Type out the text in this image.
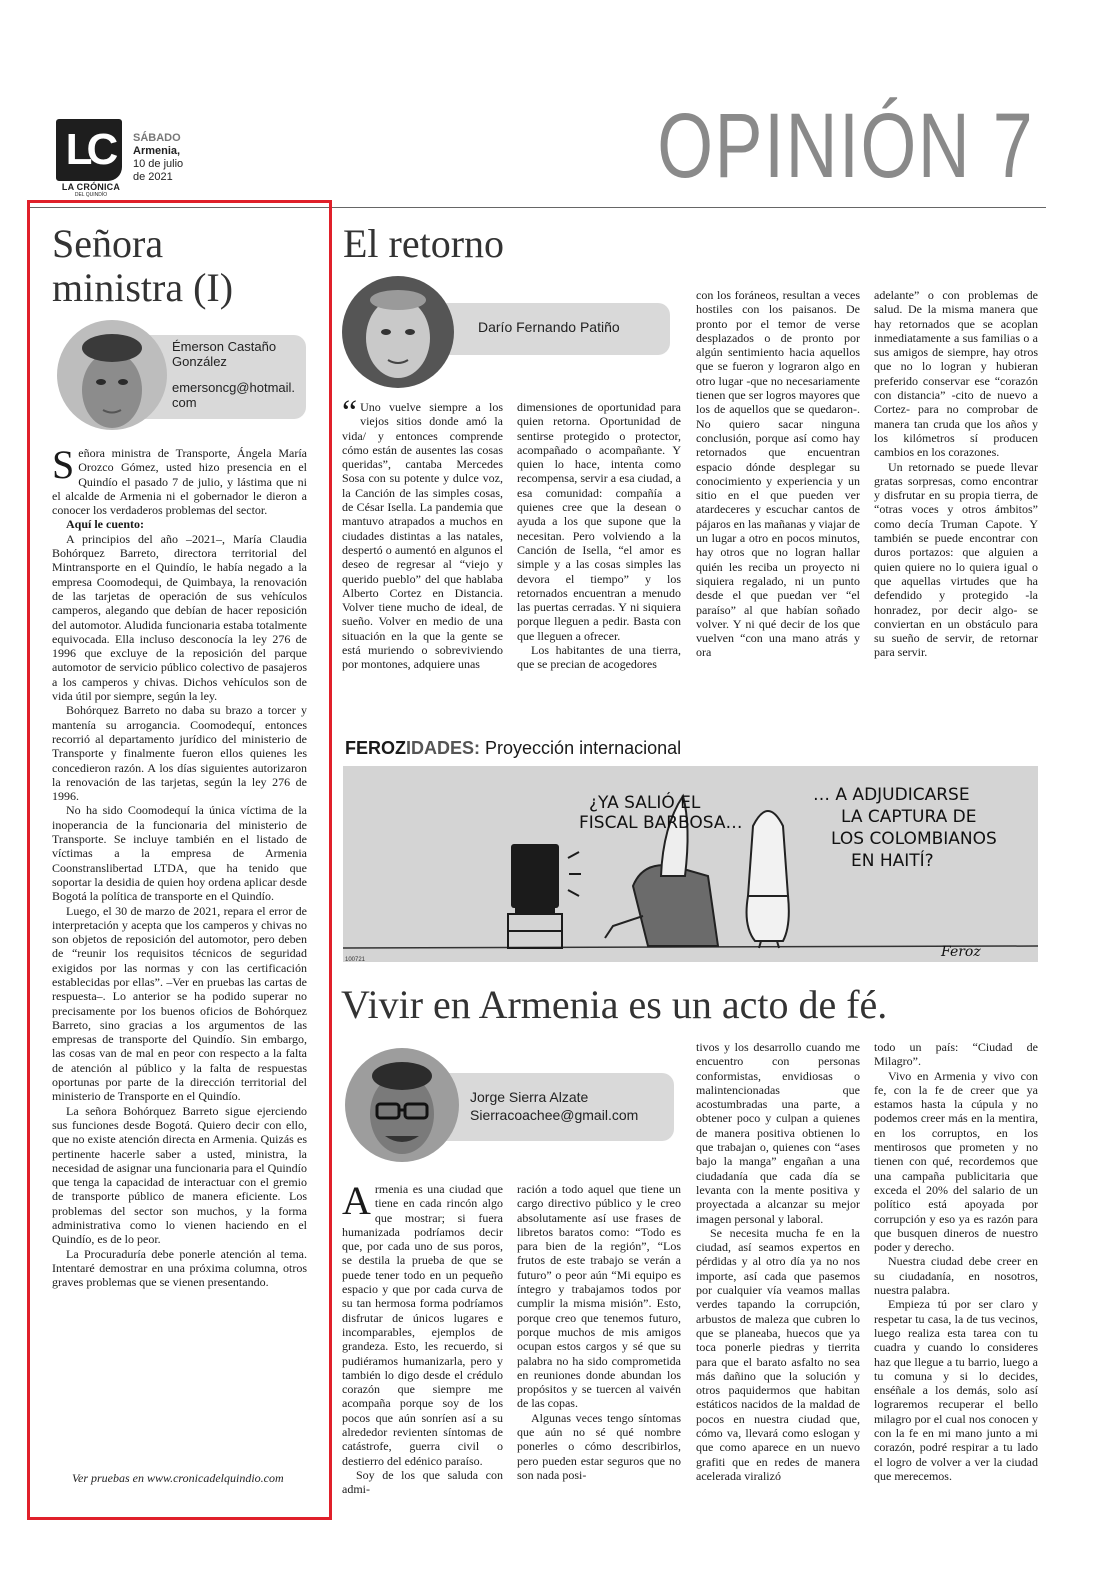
LC
LA CRÓNICA
DEL QUINDÍO
SÁBADO
Armenia,
10 de julio
de 2021	OPINIÓN 7
Señora
ministra (I)
Émerson Castaño
González
emersoncg@hotmail.
com

Señora ministra de Transporte, Ángela María Orozco Gómez, usted hizo presencia en el Quindío el pasado 7 de julio, y lástima que ni el alcalde de Armenia ni el gobernador le dieron a conocer los verdaderos problemas del sector.

Aquí le cuento:

A principios del año –2021–, María Claudia Bohórquez Barreto, directora territorial del Mintransporte en el Quindío, le había negado a la empresa Coomodequi, de Quimbaya, la renovación de las tarjetas de operación de sus vehículos camperos, alegando que debían de hacer reposición del automotor. Aludida funcionaria estaba totalmente equivocada. Ella incluso desconocía la ley 276 de 1996 que excluye de la reposición del parque automotor de servicio público colectivo de pasajeros a los camperos y chivas. Dichos vehículos son de vida útil por siempre, según la ley.

Bohórquez Barreto no daba su brazo a torcer y mantenía su arrogancia. Coomodequí, entonces recorrió al departamento jurídico del ministerio de Transporte y finalmente fueron ellos quienes les concedieron razón. A los días siguientes autorizaron la renovación de las tarjetas, según la ley 276 de 1996.

No ha sido Coomodequí la única víctima de la inoperancia de la funcionaria del ministerio de Transporte. Se incluye también en el listado de víctimas a la empresa de Armenia Coonstranslibertad LTDA, que ha tenido que soportar la desidia de quien hoy ordena aplicar desde Bogotá la política de transporte en el Quindío.

Luego, el 30 de marzo de 2021, repara el error de interpretación y acepta que los camperos y chivas no son objetos de reposición del automotor, pero deben de “reunir los requisitos técnicos de seguridad exigidos por las normas y con las certificación establecidas por ellas”. –Ver en pruebas las cartas de respuesta–. Lo anterior se ha podido superar no precisamente por los buenos oficios de Bohórquez Barreto, sino gracias a los argumentos de las empresas de transporte del Quindío. Sin embargo, las cosas van de mal en peor con respecto a la falta de atención al público y la falta de respuestas oportunas por parte de la dirección territorial del ministerio de Transporte en el Quindío.

La señora Bohórquez Barreto sigue ejerciendo sus funciones desde Bogotá. Quiero decir con ello, que no existe atención directa en Armenia. Quizás es pertinente hacerle saber a usted, ministra, la necesidad de asignar una funcionaria para el Quindío que tenga la capacidad de interactuar con el gremio de transporte público de manera eficiente. Los problemas del sector son muchos, y la forma administrativa como lo vienen haciendo en el Quindío, es de lo peor.

La Procuraduría debe ponerle atención al tema. Intentaré demostrar en una próxima columna, otros graves problemas que se vienen presentando.

Ver pruebas en www.cronicadelquindio.com
El retorno
Darío Fernando Patiño

“ Uno vuelve siempre a los viejos sitios donde amó la vida/ y entonces comprende cómo están de ausentes las cosas queridas”, cantaba Mercedes Sosa con su potente y dulce voz, la Canción de las simples cosas, de César Isella. La pandemia que mantuvo atrapados a muchos en ciudades distintas a las natales, despertó o aumentó en algunos el deseo de regresar al “viejo y querido pueblo” del que hablaba Alberto Cortez en Distancia. Volver tiene mucho de ideal, de sueño. Volver en medio de una situación en la que la gente se está muriendo o sobreviviendo por montones, adquiere unas

dimensiones de oportunidad para quien retorna. Oportunidad de sentirse protegido o protector, acompañado o acompañante. Y quien lo hace, intenta como recompensa, servir a esa ciudad, a esa comunidad: compañía a quienes cree que la desean o ayuda a los que supone que la necesitan. Pero volviendo a la Canción de Isella, “el amor es simple y a las cosas simples las devora el tiempo” y los retornados encuentran a menudo las puertas cerradas. Y ni siquiera porque lleguen a pedir. Basta con que lleguen a ofrecer.

Los habitantes de una tierra, que se precian de acogedores

con los foráneos, resultan a veces hostiles con los paisanos. De pronto por el temor de verse desplazados o de pronto por algún sentimiento hacia aquellos que se fueron y lograron algo en otro lugar -que no necesariamente tienen que ser logros mayores que los de aquellos que se quedaron-. No quiero sacar ninguna conclusión, porque así como hay retornados que encuentran espacio dónde desplegar su conocimiento y experiencia y un sitio en el que pueden ver atardeceres y escuchar cantos de pájaros en las mañanas y viajar de un lugar a otro en pocos minutos, hay otros que no logran hallar quién les reciba un proyecto ni siquiera regalado, ni un punto desde el que puedan ver “el paraíso” al que habían soñado volver. Y ni qué decir de los que vuelven “con una mano atrás y ora

adelante” o con problemas de salud. De la misma manera que hay retornados que se acoplan inmediatamente a sus familias o a sus amigos de siempre, hay otros que no lo logran y hubieran preferido conservar ese “corazón con distancia” -cito de nuevo a Cortez- para no comprobar de manera tan cruda que los años y los kilómetros sí producen cambios en los corazones.

Un retornado se puede llevar gratas sorpresas, como encontrar y disfrutar en su propia tierra, de “otras voces y otros ámbitos” como decía Truman Capote. Y también se puede encontrar con duros portazos: que alguien a quien quiere no lo quiera igual o que aquellas virtudes que ha defendido y protegido -la honradez, por decir algo- se conviertan en un obstáculo para su sueño de servir, de retornar para servir.

FEROZIDADES: Proyección internacional
¿YA SALIÓ EL
FISCAL BARBOSA…
… A ADJUDICARSE
LA CAPTURA DE
LOS COLOMBIANOS
EN HAITÍ?
Feroz
100721
Vivir en Armenia es un acto de fé.
Jorge Sierra Alzate
Sierracoachee@gmail.com

Armenia es una ciudad que tiene en cada rincón algo que mostrar; si fuera humanizada podríamos decir que, por cada uno de sus poros, se destila la prueba de que se puede tener todo en un pequeño espacio y que por cada curva de su tan hermosa forma podríamos disfrutar de únicos lugares e incomparables, ejemplos de grandeza. Esto, les recuerdo, si pudiéramos humanizarla, pero y también lo digo desde el crédulo corazón que siempre me acompaña porque soy de los pocos que aún sonríen así a su alrededor revienten síntomas de catástrofe, guerra civil o destierro del edénico paraíso.

Soy de los que saluda con admi-

ración a todo aquel que tiene un cargo directivo público y le creo absolutamente así use frases de libretos baratos como: “Todo es para bien de la región”, “Los frutos de este trabajo se verán a futuro” o peor aún “Mi equipo es íntegro y trabajamos todos por cumplir la misma misión”. Esto, porque creo que tenemos futuro, porque muchos de mis amigos ocupan estos cargos y sé que su palabra no ha sido comprometida en reuniones donde abundan los propósitos y se tuercen al vaivén de las copas.

Algunas veces tengo síntomas que aún no sé qué nombre ponerles o cómo describirlos, pero pueden estar seguros que no son nada posi-

tivos y los desarrollo cuando me encuentro con personas conformistas, envidiosas o malintencionadas que acostumbradas una parte, a obtener poco y culpan a quienes de manera positiva obtienen lo que trabajan o, quienes con “ases bajo la manga” engañan a una ciudadanía que cada día se levanta con la mente positiva y proyectada a alcanzar su mejor imagen personal y laboral.

Se necesita mucha fe en la ciudad, así seamos expertos en pérdidas y al otro día ya no nos importe, así cada que pasemos por cualquier vía veamos mallas verdes tapando la corrupción, arbustos de maleza que cubren lo que se planeaba, huecos que ya toca ponerle piedras y tierrita para que el barato asfalto no sea más dañino que la solución y otros paquidermos que habitan estáticos nacidos de la maldad de pocos en nuestra ciudad que, cómo va, llevará como eslogan y que como aparece en un nuevo grafiti que en redes de manera acelerada viralizó

todo un país: “Ciudad de Milagro”.

Vivo en Armenia y vivo con fe, con la fe de creer que ya estamos hasta la cúpula y no podemos creer más en la mentira, en los corruptos, en los mentirosos que prometen y no tienen con qué, recordemos que una campaña publicitaria que exceda el 20% del salario de un político está apoyada por corrupción y eso ya es razón para que busquen dineros de nuestro poder y derecho.

Nuestra ciudad debe creer en su ciudadanía, en nosotros, nuestra palabra.

Empieza tú por ser claro y respetar tu casa, la de tus vecinos, luego realiza esta tarea con tu cuadra y cuando lo consideres haz que llegue a tu barrio, luego a tu comuna y si lo decides, enséñale a los demás, solo así lograremos recuperar el bello milagro por el cual nos conocen y con la fe en mi mano junto a mi corazón, podré respirar a tu lado el logro de volver a ver la ciudad que merecemos.
